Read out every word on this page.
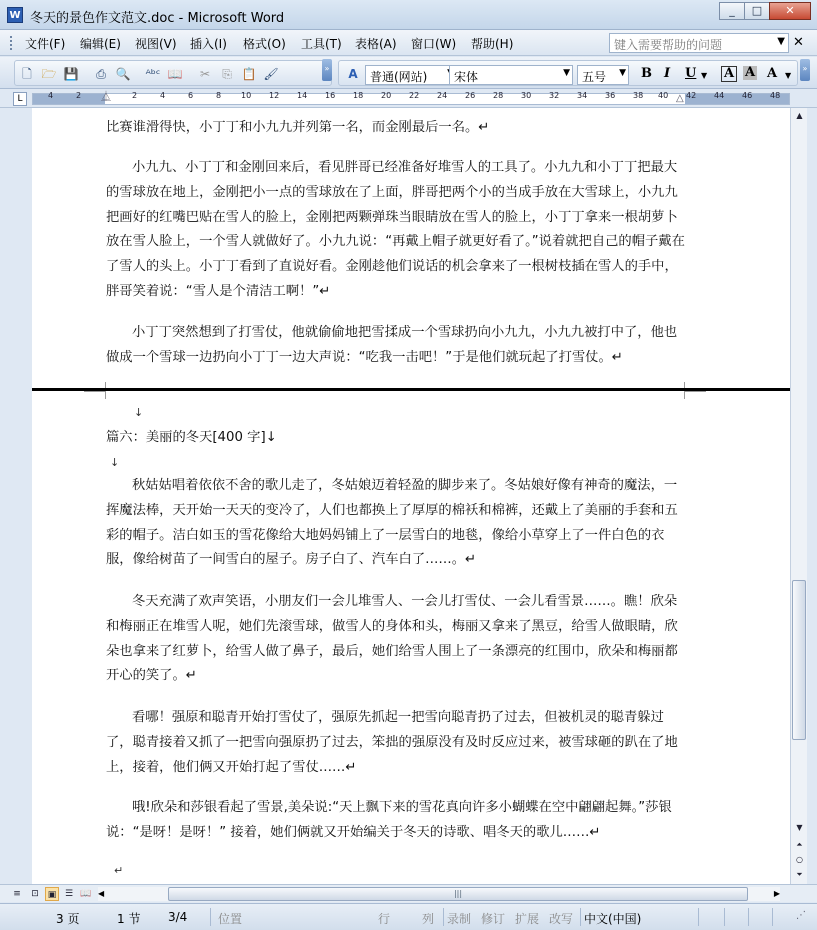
W 冬天的景色作文范文.doc - Microsoft Word
_	□	✕
文件(F) 编辑(E) 视图(V) 插入(I) 格式(O) 工具(T) 表格(A) 窗口(W) 帮助(H)	键入需要帮助的问题	▼ ✕
🗋 🗁 💾 ⎙ 🔍 ᴬᵇᶜ 📖 ✂ ⎘ 📋 🖌	» A	普通(网站)	宋体	▼	五号 ▼ B I U ▼ A A A ▼
»
L	4	2	2	4	6	8 10 12 14 16 18 20 22 24 26 28 30 32 34 36 38 40 42 44 46 48
⏅	△

比赛谁滑得快，小丁丁和小九九并列第一名，而金刚最后一名。↵

小九九、小丁丁和金刚回来后，看见胖哥已经准备好堆雪人的工具了。小九九和小丁丁把最大的雪球放在地上，金刚把小一点的雪球放在了上面，胖哥把两个小的当成手放在大雪球上，小九九把画好的红嘴巴贴在雪人的脸上，金刚把两颗弹珠当眼睛放在雪人的脸上，小丁丁拿来一根胡萝卜放在雪人脸上，一个雪人就做好了。小九九说：“再戴上帽子就更好看了。”说着就把自己的帽子戴在了雪人的头上。小丁丁看到了直说好看。金刚趁他们说话的机会拿来了一根树枝插在雪人的手中，胖哥笑着说：“雪人是个清洁工啊！”↵

小丁丁突然想到了打雪仗，他就偷偷地把雪揉成一个雪球扔向小九九，小九九被打中了，他也做成一个雪球一边扔向小丁丁一边大声说：“吃我一击吧！”于是他们就玩起了打雪仗。↵

↓

篇六：美丽的冬天[400 字]↓

↓

秋姑姑唱着依依不舍的歌儿走了，冬姑娘迈着轻盈的脚步来了。冬姑娘好像有神奇的魔法，一挥魔法棒，天开始一天天的变冷了，人们也都换上了厚厚的棉袄和棉裤，还戴上了美丽的手套和五彩的帽子。洁白如玉的雪花像给大地妈妈铺上了一层雪白的地毯，像给小草穿上了一件白色的衣服，像给树苗了一间雪白的屋子。房子白了、汽车白了……。↵

冬天充满了欢声笑语，小朋友们一会儿堆雪人、一会儿打雪仗、一会儿看雪景……。瞧！欣朵和梅丽正在堆雪人呢，她们先滚雪球，做雪人的身体和头，梅丽又拿来了黑豆，给雪人做眼睛，欣朵也拿来了红萝卜，给雪人做了鼻子，最后，她们给雪人围上了一条漂亮的红围巾，欣朵和梅丽都开心的笑了。↵

看哪！强原和聪青开始打雪仗了，强原先抓起一把雪向聪青扔了过去，但被机灵的聪青躲过了，聪青接着又抓了一把雪向强原扔了过去，笨拙的强原没有及时反应过来，被雪球砸的趴在了地上，接着，他们俩又开始打起了雪仗……↵

哦!欣朵和莎银看起了雪景,美朵说:“天上飘下来的雪花真向许多小蝴蝶在空中翩翩起舞。”莎银说：“是呀！是呀！” 接着，她们俩就又开始编关于冬天的诗歌、唱冬天的歌儿……↵

↵
▲
▼
⏶
○
⏷
≡	⊡ ▣ ☰ 📖 ◀	|||	▶
3 页	1 节 3/4	位置	行	列 录制 修订 扩展 改写 中文(中国)	⋰
